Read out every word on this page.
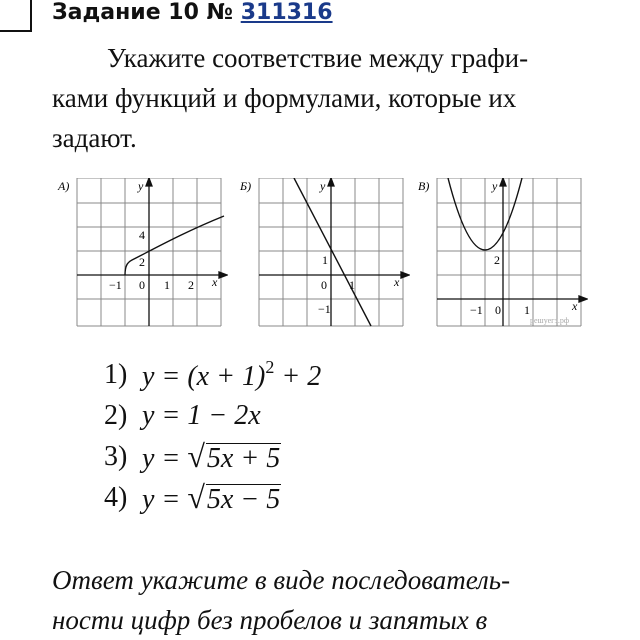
Задание 10 № 311316
Укажите соответствие между графи-
ками функций и формулами, которые их
задают.
А)	y
x
4
2
−1 0 1 2
Б)	y
x
1
0 1
−1
В)	y
x
2
−1 0 1
решуегэ.рф
1) $y = (x + 1)^2 + 2$
2) y = 1 − 2x
3) y = √5x + 5
4) y = √5x − 5
Ответ укажите в виде последователь-
ности цифр без пробелов и запятых в
